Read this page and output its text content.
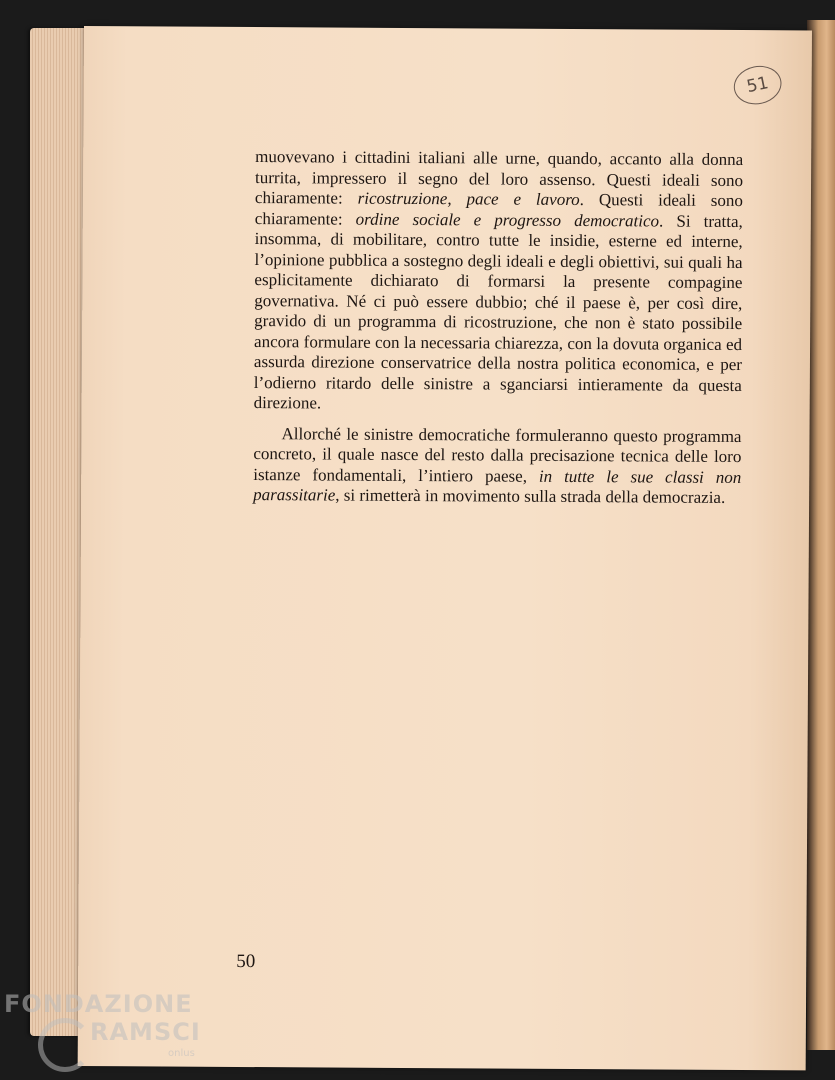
51

muovevano i cittadini italiani alle urne, quando, accanto alla donna turrita, impressero il segno del loro assenso. Questi ideali sono chiaramente: ricostruzione, pace e lavoro. Questi ideali sono chiaramente: ordine sociale e progresso democratico. Si tratta, insomma, di mobilitare, contro tutte le insidie, esterne ed interne, l’opinione pubblica a sostegno degli ideali e degli obiettivi, sui quali ha esplicitamente dichiarato di formarsi la presente compagine governativa. Né ci può essere dubbio; ché il paese è, per così dire, gravido di un programma di ricostruzione, che non è stato possibile ancora formulare con la necessaria chiarezza, con la dovuta organica ed assurda direzione conservatrice della nostra politica economica, e per l’odierno ritardo delle sinistre a sganciarsi intieramente da questa direzione.

Allorché le sinistre democratiche formuleranno questo programma concreto, il quale nasce del resto dalla precisazione tecnica delle loro istanze fondamentali, l’intiero paese, in tutte le sue classi non parassitarie, si rimetterà in movimento sulla strada della democrazia.

50
FONDAZIONE
RAMSCI
onlus
